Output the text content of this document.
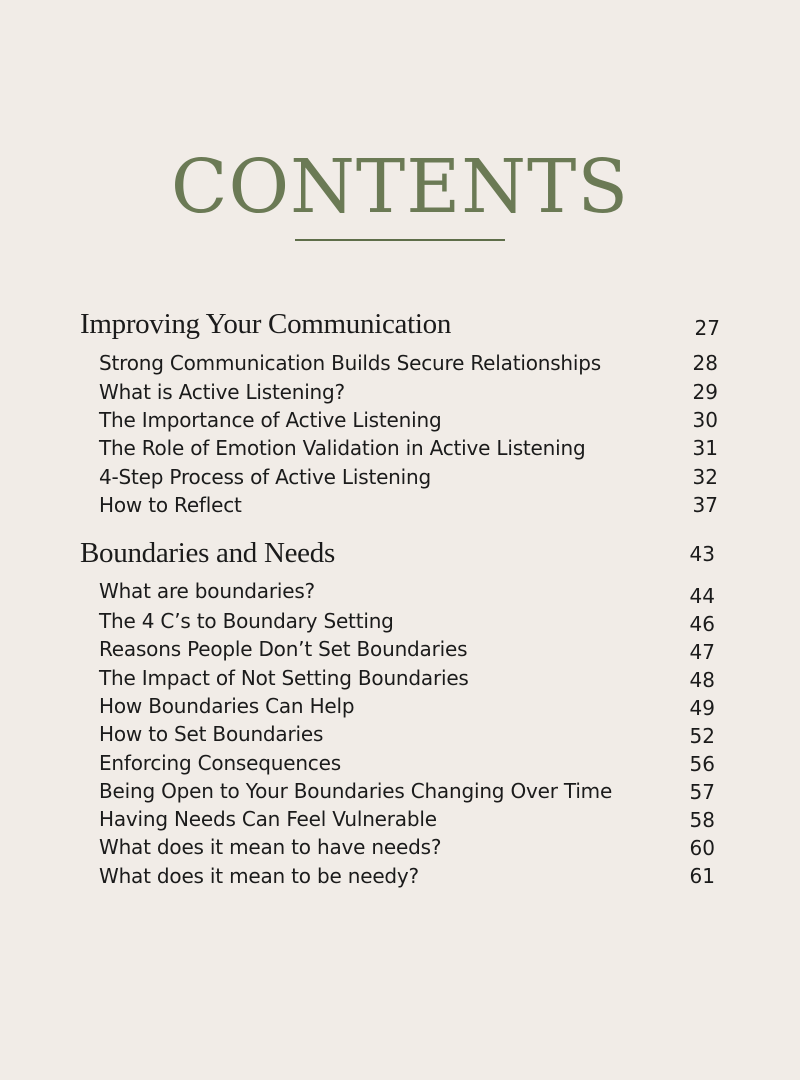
CONTENTS
Improving Your Communication	27
Strong Communication Builds Secure Relationships	28
What is Active Listening?	29
The Importance of Active Listening	30
The Role of Emotion Validation in Active Listening	31
4-Step Process of Active Listening	32
How to Reflect	37
Boundaries and Needs	43
What are boundaries?	44
The 4 C’s to Boundary Setting	46
Reasons People Don’t Set Boundaries	47
The Impact of Not Setting Boundaries	48
How Boundaries Can Help	49
How to Set Boundaries	52
Enforcing Consequences	56
Being Open to Your Boundaries Changing Over Time	57
Having Needs Can Feel Vulnerable	58
What does it mean to have needs?	60
What does it mean to be needy?	61
